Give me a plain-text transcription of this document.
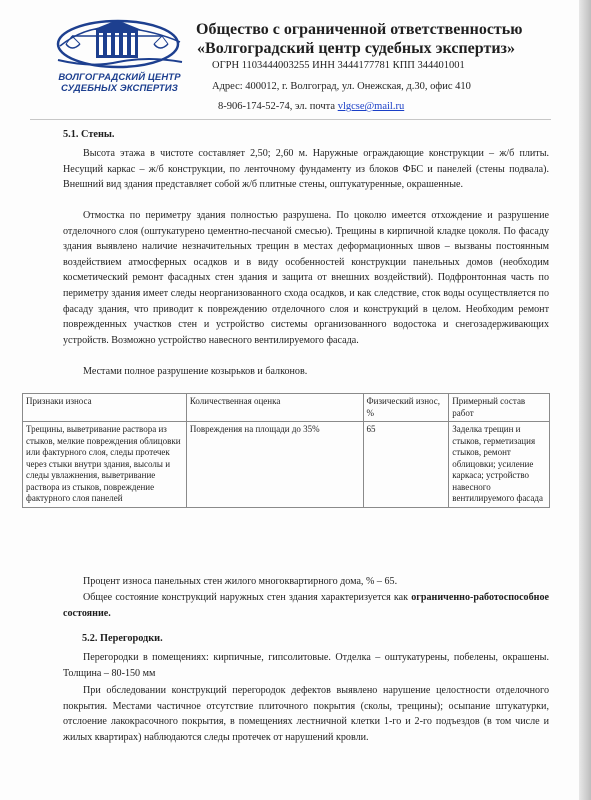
ВОЛГОГРАДСКИЙ ЦЕНТР
СУДЕБНЫХ ЭКСПЕРТИЗ
Общество с ограниченной ответственностью
«Волгоградский центр судебных экспертиз»
ОГРН 1103444003255 ИНН 3444177781 КПП 344401001
Адрес: 400012, г. Волгоград, ул. Онежская, д.30, офис 410
8-906-174-52-74, эл. почта vlgcse@mail.ru
5.1. Стены.

Высота этажа в чистоте составляет 2,50; 2,60 м. Наружные ограждающие конструкции – ж/б плиты. Несущий каркас – ж/б конструкции, по ленточному фундаменту из блоков ФБС и панелей (стены подвала). Внешний вид здания представляет собой ж/б плитные стены, оштукатуренные, окрашенные.

Отмостка по периметру здания полностью разрушена. По цоколю имеется отхождение и разрушение отделочного слоя (оштукатурено цементно-песчаной смесью). Трещины в кирпичной кладке цоколя. По фасаду здания выявлено наличие незначительных трещин в местах деформационных швов – вызваны постоянным воздействием атмосферных осадков и в виду особенностей конструкции панельных домов (необходим косметический ремонт фасадных стен здания и защита от внешних воздействий). Подфронтонная часть по периметру здания имеет следы неорганизованного схода осадков, и как следствие, сток воды осуществляется по фасаду здания, что приводит к повреждению отделочного слоя и конструкций в целом. Необходим ремонт поврежденных участков стен и устройство системы организованного водостока и снегозадерживающих устройств. Возможно устройство навесного вентилируемого фасада.

Местами полное разрушение козырьков и балконов.

Признаки износа	Количественная оценка	Физический износ, %	Примерный состав работ
Трещины, выветривание раствора из стыков, мелкие повреждения облицовки или фактурного слоя, следы протечек через стыки внутри здания, высолы и следы увлажнения, выветривание раствора из стыков, повреждение фактурного слоя панелей	Повреждения на площади до 35%	65	Заделка трещин и стыков, герметизация стыков, ремонт облицовки; усиление каркаса; устройство навесного вентилируемого фасада

Процент износа панельных стен жилого многоквартирного дома, % – 65.

Общее состояние конструкций наружных стен здания характеризуется как ограниченно-работоспособное состояние.

5.2. Перегородки.

Перегородки в помещениях: кирпичные, гипсолитовые. Отделка – оштукатурены, побелены, окрашены. Толщина – 80-150 мм

При обследовании конструкций перегородок дефектов выявлено нарушение целостности отделочного покрытия. Местами частичное отсутствие плиточного покрытия (сколы, трещины); осыпание штукатурки, отслоение лакокрасочного покрытия, в помещениях лестничной клетки 1-го и 2-го подъездов (в том числе и жилых квартирах) наблюдаются следы протечек от нарушений кровли.
